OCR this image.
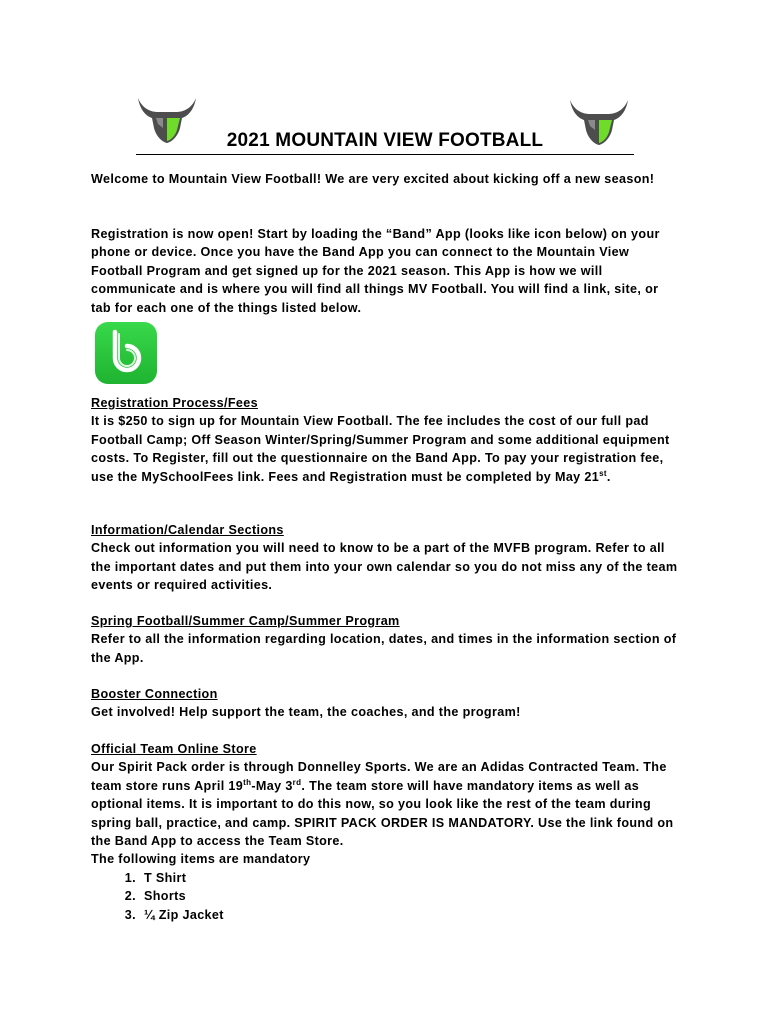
2021 MOUNTAIN VIEW FOOTBALL

Welcome to Mountain View Football! We are very excited about kicking off a new season!

Registration is now open! Start by loading the “Band” App (looks like icon below) on your phone or device. Once you have the Band App you can connect to the Mountain View Football Program and get signed up for the 2021 season. This App is how we will communicate and is where you will find all things MV Football. You will find a link, site, or tab for each one of the things listed below.

Registration Process/Fees

It is $250 to sign up for Mountain View Football. The fee includes the cost of our full pad Football Camp; Off Season Winter/Spring/Summer Program and some additional equipment costs. To Register, fill out the questionnaire on the Band App. To pay your registration fee, use the MySchoolFees link. Fees and Registration must be completed by May 21st.

Information/Calendar Sections

Check out information you will need to know to be a part of the MVFB program. Refer to all the important dates and put them into your own calendar so you do not miss any of the team events or required activities.

Spring Football/Summer Camp/Summer Program

Refer to all the information regarding location, dates, and times in the information section of the App.

Booster Connection

Get involved! Help support the team, the coaches, and the program!

Official Team Online Store

Our Spirit Pack order is through Donnelley Sports. We are an Adidas Contracted Team. The team store runs April 19th-May 3rd. The team store will have mandatory items as well as optional items. It is important to do this now, so you look like the rest of the team during spring ball, practice, and camp. SPIRIT PACK ORDER IS MANDATORY. Use the link found on the Band App to access the Team Store.

The following items are mandatory

1. T Shirt
2. Shorts
3. ¼ Zip Jacket
